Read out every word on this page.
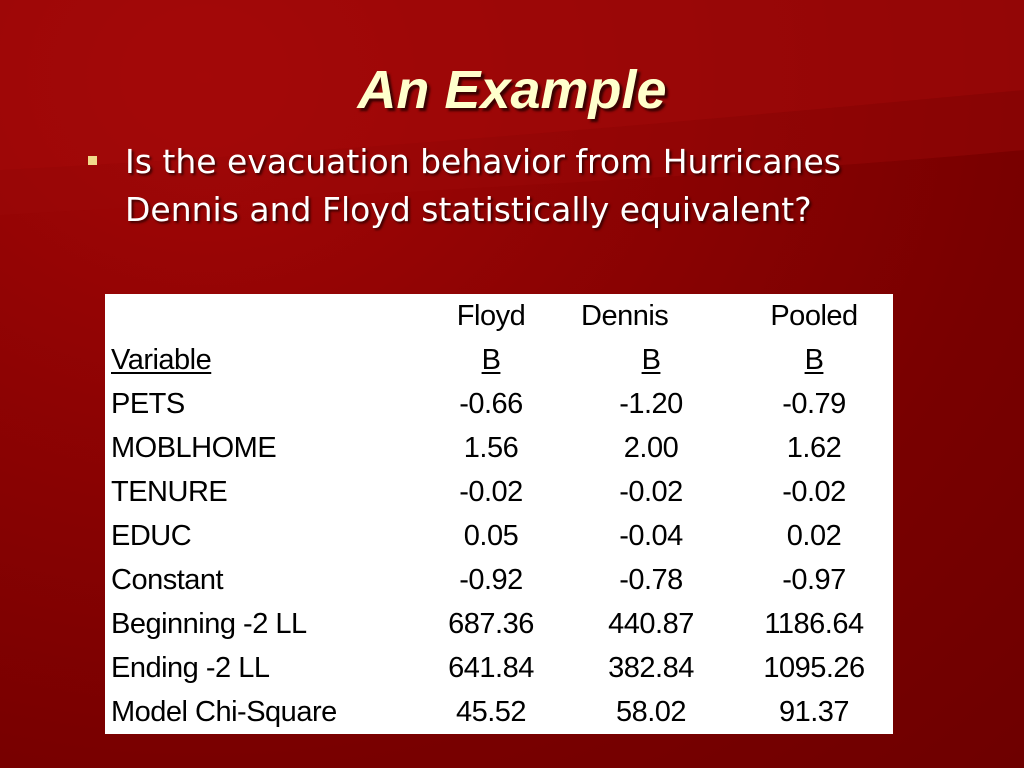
An Example
Is the evacuation behavior from Hurricanes Dennis and Floyd statistically equivalent?
	Floyd	Dennis	Pooled
Variable	B	B	B
PETS	-0.66	-1.20	-0.79
MOBLHOME	1.56	2.00	1.62
TENURE	-0.02	-0.02	-0.02
EDUC	0.05	-0.04	0.02
Constant	-0.92	-0.78	-0.97
Beginning -2 LL	687.36	440.87	1186.64
Ending -2 LL	641.84	382.84	1095.26
Model Chi-Square	45.52	58.02	91.37
